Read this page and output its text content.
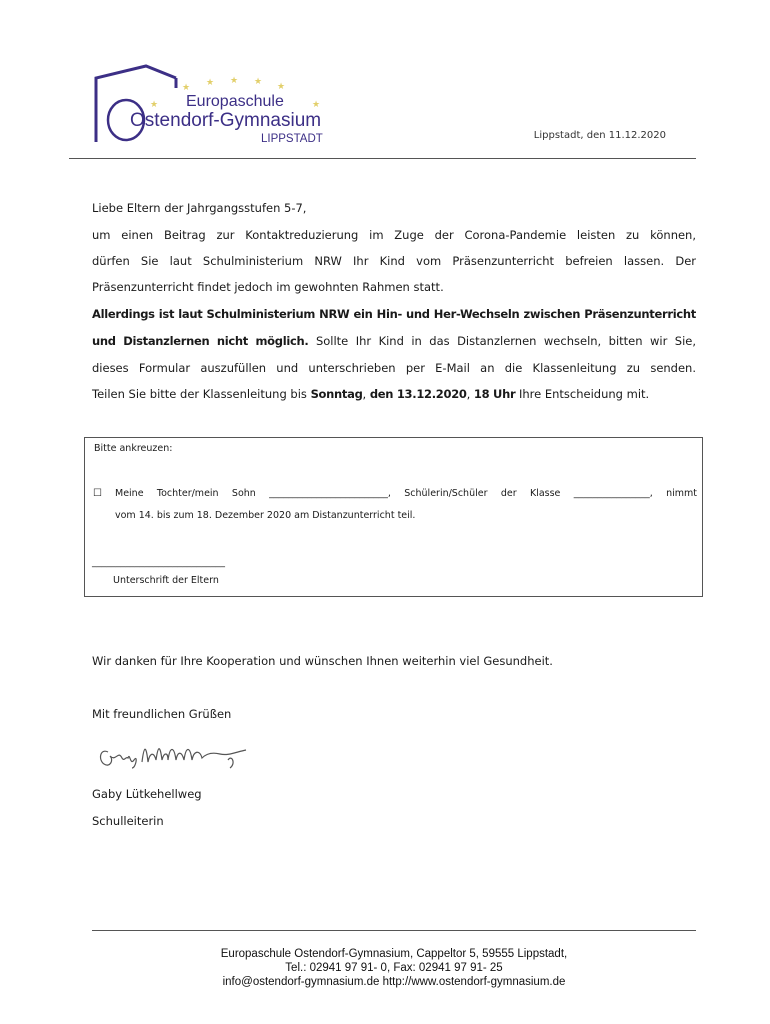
★
★ ★ ★ ★ ★
★
Europaschule
Ostendorf-Gymnasium
LIPPSTADT	Lippstadt, den 11.12.2020
Liebe Eltern der Jahrgangsstufen 5-7,
um einen Beitrag zur Kontaktreduzierung im Zuge der Corona-Pandemie leisten zu können,
dürfen Sie laut Schulministerium NRW Ihr Kind vom Präsenzunterricht befreien lassen. Der
Präsenzunterricht findet jedoch im gewohnten Rahmen statt.
Allerdings ist laut Schulministerium NRW ein Hin- und Her-Wechseln zwischen Präsenzunterricht
und Distanzlernen nicht möglich. Sollte Ihr Kind in das Distanzlernen wechseln, bitten wir Sie,
dieses Formular auszufüllen und unterschrieben per E-Mail an die Klassenleitung zu senden.
Teilen Sie bitte der Klassenleitung bis Sonntag, den 13.12.2020, 18 Uhr Ihre Entscheidung mit.
Bitte ankreuzen:
☐ Meine Tochter/mein Sohn _________________________, Schülerin/Schüler der Klasse ________________, nimmt
vom 14. bis zum 18. Dezember 2020 am Distanzunterricht teil.
____________________________
Unterschrift der Eltern
Wir danken für Ihre Kooperation und wünschen Ihnen weiterhin viel Gesundheit.
Mit freundlichen Grüßen
Gaby Lütkehellweg
Schulleiterin
Europaschule Ostendorf-Gymnasium, Cappeltor 5, 59555 Lippstadt,
Tel.: 02941 97 91- 0, Fax: 02941 97 91- 25
info@ostendorf-gymnasium.de http://www.ostendorf-gymnasium.de
